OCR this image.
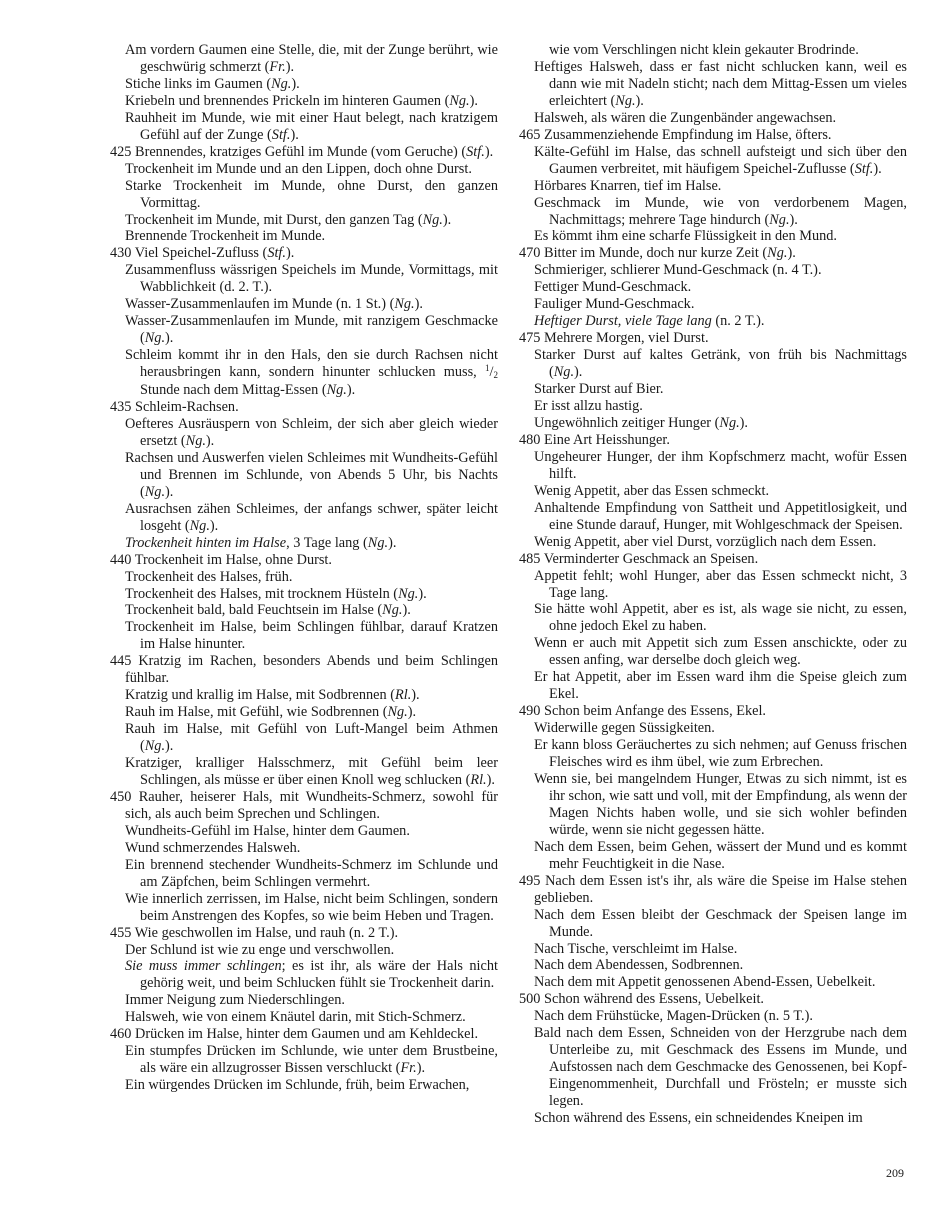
Am vordern Gaumen eine Stelle, die, mit der Zunge berührt, wie geschwürig schmerzt (Fr.).
Stiche links im Gaumen (Ng.).
Kriebeln und brennendes Prickeln im hinteren Gaumen (Ng.).
Rauhheit im Munde, wie mit einer Haut belegt, nach kratzigem Gefühl auf der Zunge (Stf.).
425 Brennendes, kratziges Gefühl im Munde (vom Geruche) (Stf.).
Trockenheit im Munde und an den Lippen, doch ohne Durst.
Starke Trockenheit im Munde, ohne Durst, den ganzen Vormittag.
Trockenheit im Munde, mit Durst, den ganzen Tag (Ng.).
Brennende Trockenheit im Munde.
430 Viel Speichel-Zufluss (Stf.).
Zusammenfluss wässrigen Speichels im Munde, Vormittags, mit Wabblichkeit (d. 2. T.).
Wasser-Zusammenlaufen im Munde (n. 1 St.) (Ng.).
Wasser-Zusammenlaufen im Munde, mit ranzigem Geschmacke (Ng.).
Schleim kommt ihr in den Hals, den sie durch Rachsen nicht herausbringen kann, sondern hinunter schlucken muss, $^1$/2 Stunde nach dem Mittag-Essen (Ng.).
435 Schleim-Rachsen.
Oefteres Ausräuspern von Schleim, der sich aber gleich wieder ersetzt (Ng.).
Rachsen und Auswerfen vielen Schleimes mit Wundheits-Gefühl und Brennen im Schlunde, von Abends 5 Uhr, bis Nachts (Ng.).
Ausrachsen zähen Schleimes, der anfangs schwer, später leicht losgeht (Ng.).
Trockenheit hinten im Halse, 3 Tage lang (Ng.).
440 Trockenheit im Halse, ohne Durst.
Trockenheit des Halses, früh.
Trockenheit des Halses, mit trocknem Hüsteln (Ng.).
Trockenheit bald, bald Feuchtsein im Halse (Ng.).
Trockenheit im Halse, beim Schlingen fühlbar, darauf Kratzen im Halse hinunter.
445 Kratzig im Rachen, besonders Abends und beim Schlingen fühlbar.
Kratzig und krallig im Halse, mit Sodbrennen (Rl.).
Rauh im Halse, mit Gefühl, wie Sodbrennen (Ng.).
Rauh im Halse, mit Gefühl von Luft-Mangel beim Athmen (Ng.).
Kratziger, kralliger Halsschmerz, mit Gefühl beim leer Schlingen, als müsse er über einen Knoll weg schlucken (Rl.).
450 Rauher, heiserer Hals, mit Wundheits-Schmerz, sowohl für sich, als auch beim Sprechen und Schlingen.
Wundheits-Gefühl im Halse, hinter dem Gaumen.
Wund schmerzendes Halsweh.
Ein brennend stechender Wundheits-Schmerz im Schlunde und am Zäpfchen, beim Schlingen vermehrt.
Wie innerlich zerrissen, im Halse, nicht beim Schlingen, sondern beim Anstrengen des Kopfes, so wie beim Heben und Tragen.
455 Wie geschwollen im Halse, und rauh (n. 2 T.).
Der Schlund ist wie zu enge und verschwollen.
Sie muss immer schlingen; es ist ihr, als wäre der Hals nicht gehörig weit, und beim Schlucken fühlt sie Trockenheit darin.
Immer Neigung zum Niederschlingen.
Halsweh, wie von einem Knäutel darin, mit Stich-Schmerz.
460 Drücken im Halse, hinter dem Gaumen und am Kehldeckel.
Ein stumpfes Drücken im Schlunde, wie unter dem Brustbeine, als wäre ein allzugrosser Bissen verschluckt (Fr.).
Ein würgendes Drücken im Schlunde, früh, beim Erwachen,
wie vom Verschlingen nicht klein gekauter Brodrinde.
Heftiges Halsweh, dass er fast nicht schlucken kann, weil es dann wie mit Nadeln sticht; nach dem Mittag-Essen um vieles erleichtert (Ng.).
Halsweh, als wären die Zungenbänder angewachsen.
465 Zusammenziehende Empfindung im Halse, öfters.
Kälte-Gefühl im Halse, das schnell aufsteigt und sich über den Gaumen verbreitet, mit häufigem Speichel-Zuflusse (Stf.).
Hörbares Knarren, tief im Halse.
Geschmack im Munde, wie von verdorbenem Magen, Nachmittags; mehrere Tage hindurch (Ng.).
Es kömmt ihm eine scharfe Flüssigkeit in den Mund.
470 Bitter im Munde, doch nur kurze Zeit (Ng.).
Schmieriger, schlierer Mund-Geschmack (n. 4 T.).
Fettiger Mund-Geschmack.
Fauliger Mund-Geschmack.
Heftiger Durst, viele Tage lang (n. 2 T.).
475 Mehrere Morgen, viel Durst.
Starker Durst auf kaltes Getränk, von früh bis Nachmittags (Ng.).
Starker Durst auf Bier.
Er isst allzu hastig.
Ungewöhnlich zeitiger Hunger (Ng.).
480 Eine Art Heisshunger.
Ungeheurer Hunger, der ihm Kopfschmerz macht, wofür Essen hilft.
Wenig Appetit, aber das Essen schmeckt.
Anhaltende Empfindung von Sattheit und Appetitlosigkeit, und eine Stunde darauf, Hunger, mit Wohlgeschmack der Speisen.
Wenig Appetit, aber viel Durst, vorzüglich nach dem Essen.
485 Verminderter Geschmack an Speisen.
Appetit fehlt; wohl Hunger, aber das Essen schmeckt nicht, 3 Tage lang.
Sie hätte wohl Appetit, aber es ist, als wage sie nicht, zu essen, ohne jedoch Ekel zu haben.
Wenn er auch mit Appetit sich zum Essen anschickte, oder zu essen anfing, war derselbe doch gleich weg.
Er hat Appetit, aber im Essen ward ihm die Speise gleich zum Ekel.
490 Schon beim Anfange des Essens, Ekel.
Widerwille gegen Süssigkeiten.
Er kann bloss Geräuchertes zu sich nehmen; auf Genuss frischen Fleisches wird es ihm übel, wie zum Erbrechen.
Wenn sie, bei mangelndem Hunger, Etwas zu sich nimmt, ist es ihr schon, wie satt und voll, mit der Empfindung, als wenn der Magen Nichts haben wolle, und sie sich wohler befinden würde, wenn sie nicht gegessen hätte.
Nach dem Essen, beim Gehen, wässert der Mund und es kommt mehr Feuchtigkeit in die Nase.
495 Nach dem Essen ist's ihr, als wäre die Speise im Halse stehen geblieben.
Nach dem Essen bleibt der Geschmack der Speisen lange im Munde.
Nach Tische, verschleimt im Halse.
Nach dem Abendessen, Sodbrennen.
Nach dem mit Appetit genossenen Abend-Essen, Uebelkeit.
500 Schon während des Essens, Uebelkeit.
Nach dem Frühstücke, Magen-Drücken (n. 5 T.).
Bald nach dem Essen, Schneiden von der Herzgrube nach dem Unterleibe zu, mit Geschmack des Essens im Munde, und Aufstossen nach dem Geschmacke des Genossenen, bei Kopf-Eingenommenheit, Durchfall und Frösteln; er musste sich legen.
Schon während des Essens, ein schneidendes Kneipen im
209
